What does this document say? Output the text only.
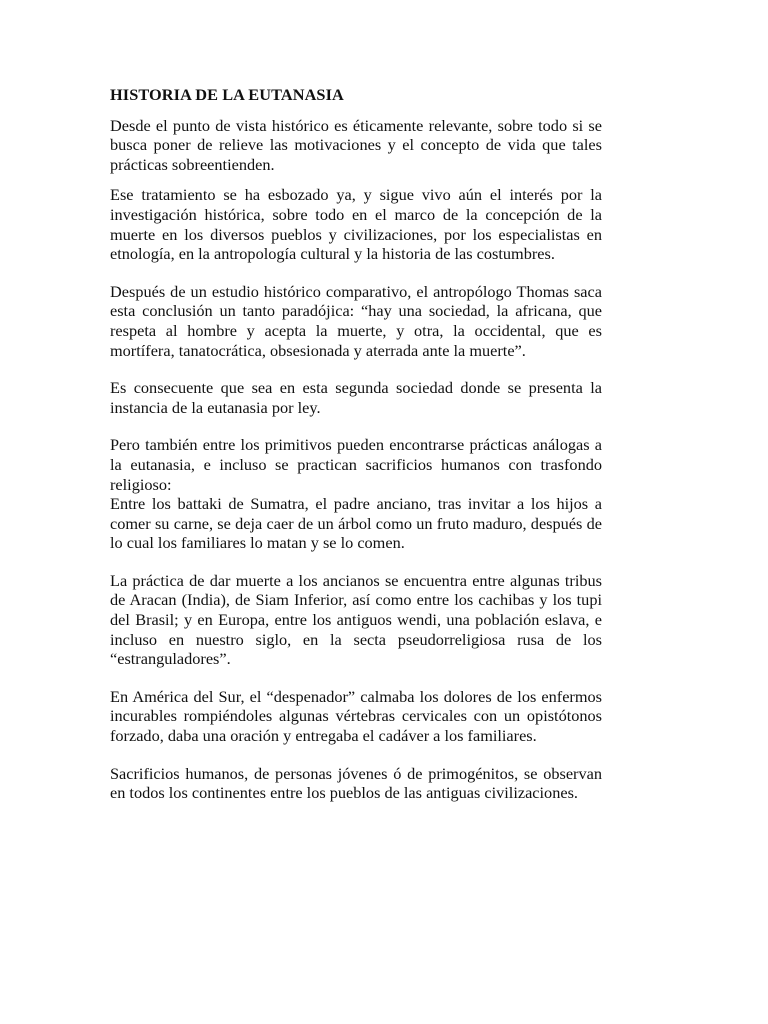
HISTORIA DE LA EUTANASIA

Desde el punto de vista histórico es éticamente relevante, sobre todo si se busca poner de relieve las motivaciones y el concepto de vida que tales prácticas sobreentienden.

Ese tratamiento se ha esbozado ya, y sigue vivo aún el interés por la investigación histórica, sobre todo en el marco de la concepción de la muerte en los diversos pueblos y civilizaciones, por los especialistas en etnología, en la antropología cultural y la historia de las costumbres.

Después de un estudio histórico comparativo, el antropólogo Thomas saca esta conclusión un tanto paradójica: “hay una sociedad, la africana, que respeta al hombre y acepta la muerte, y otra, la occidental, que es mortífera, tanatocrática, obsesionada y aterrada ante la muerte”.

Es consecuente que sea en esta segunda sociedad donde se presenta la instancia de la eutanasia por ley.

Pero también entre los primitivos pueden encontrarse prácticas análogas a la eutanasia, e incluso se practican sacrificios humanos con trasfondo religioso:

Entre los battaki de Sumatra, el padre anciano, tras invitar a los hijos a comer su carne, se deja caer de un árbol como un fruto maduro, después de lo cual los familiares lo matan y se lo comen.

La práctica de dar muerte a los ancianos se encuentra entre algunas tribus de Aracan (India), de Siam Inferior, así como entre los cachibas y los tupi del Brasil; y en Europa, entre los antiguos wendi, una población eslava, e incluso en nuestro siglo, en la secta pseudorreligiosa rusa de los “estranguladores”.

En América del Sur, el “despenador” calmaba los dolores de los enfermos incurables rompiéndoles algunas vértebras cervicales con un opistótonos forzado, daba una oración y entregaba el cadáver a los familiares.

Sacrificios humanos, de personas jóvenes ó de primogénitos, se observan en todos los continentes entre los pueblos de las antiguas civilizaciones.
